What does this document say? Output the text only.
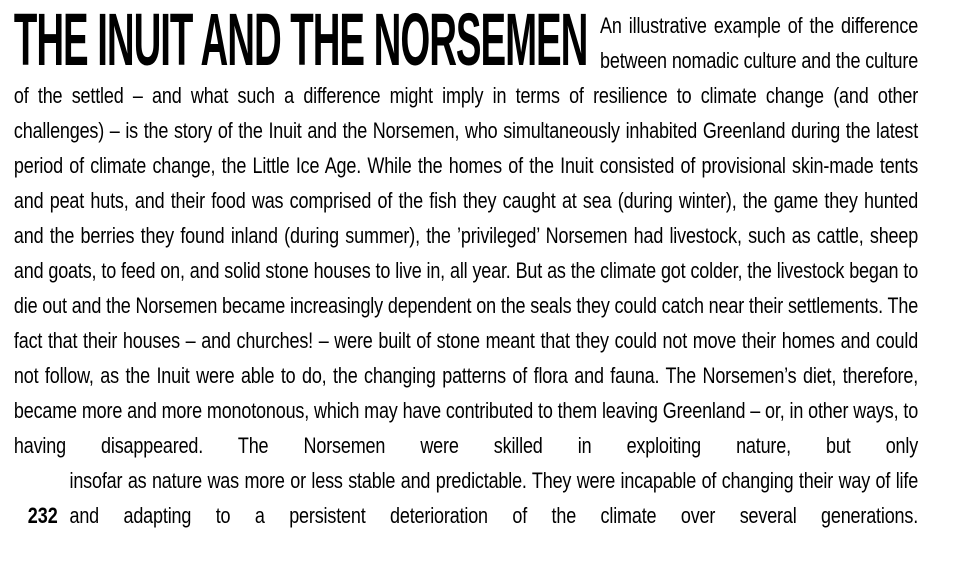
THE INUIT AND THE NORSEMEN An illustrative example of the difference between nomadic culture and the culture of the settled – and what such a difference might imply in terms of resilience to climate change (and other challenges) – is the story of the Inuit and the Norsemen, who simultaneously inhabited Greenland during the latest period of climate change, the Little Ice Age. While the homes of the Inuit consisted of provisional skin-made tents and peat huts, and their food was comprised of the fish they caught at sea (during winter), the game they hunted and the berries they found inland (during summer), the ’privileged’ Norsemen had livestock, such as cattle, sheep and goats, to feed on, and solid stone houses to live in, all year. But as the climate got colder, the livestock began to die out and the Norsemen became increasingly dependent on the seals they could catch near their settlements. The fact that their houses – and churches! – were built of stone meant that they could not move their homes and could not follow, as the Inuit were able to do, the changing patterns of flora and fauna. The Norsemen’s diet, therefore, became more and more monotonous, which may have contributed to them leaving Greenland – or, in other ways, to having disappeared. The Norsemen were skilled in exploiting nature, but only

232

insofar as nature was more or less stable and predictable. They were incapable of changing their way of life and adapting to a persistent deterioration of the climate over several generations.
